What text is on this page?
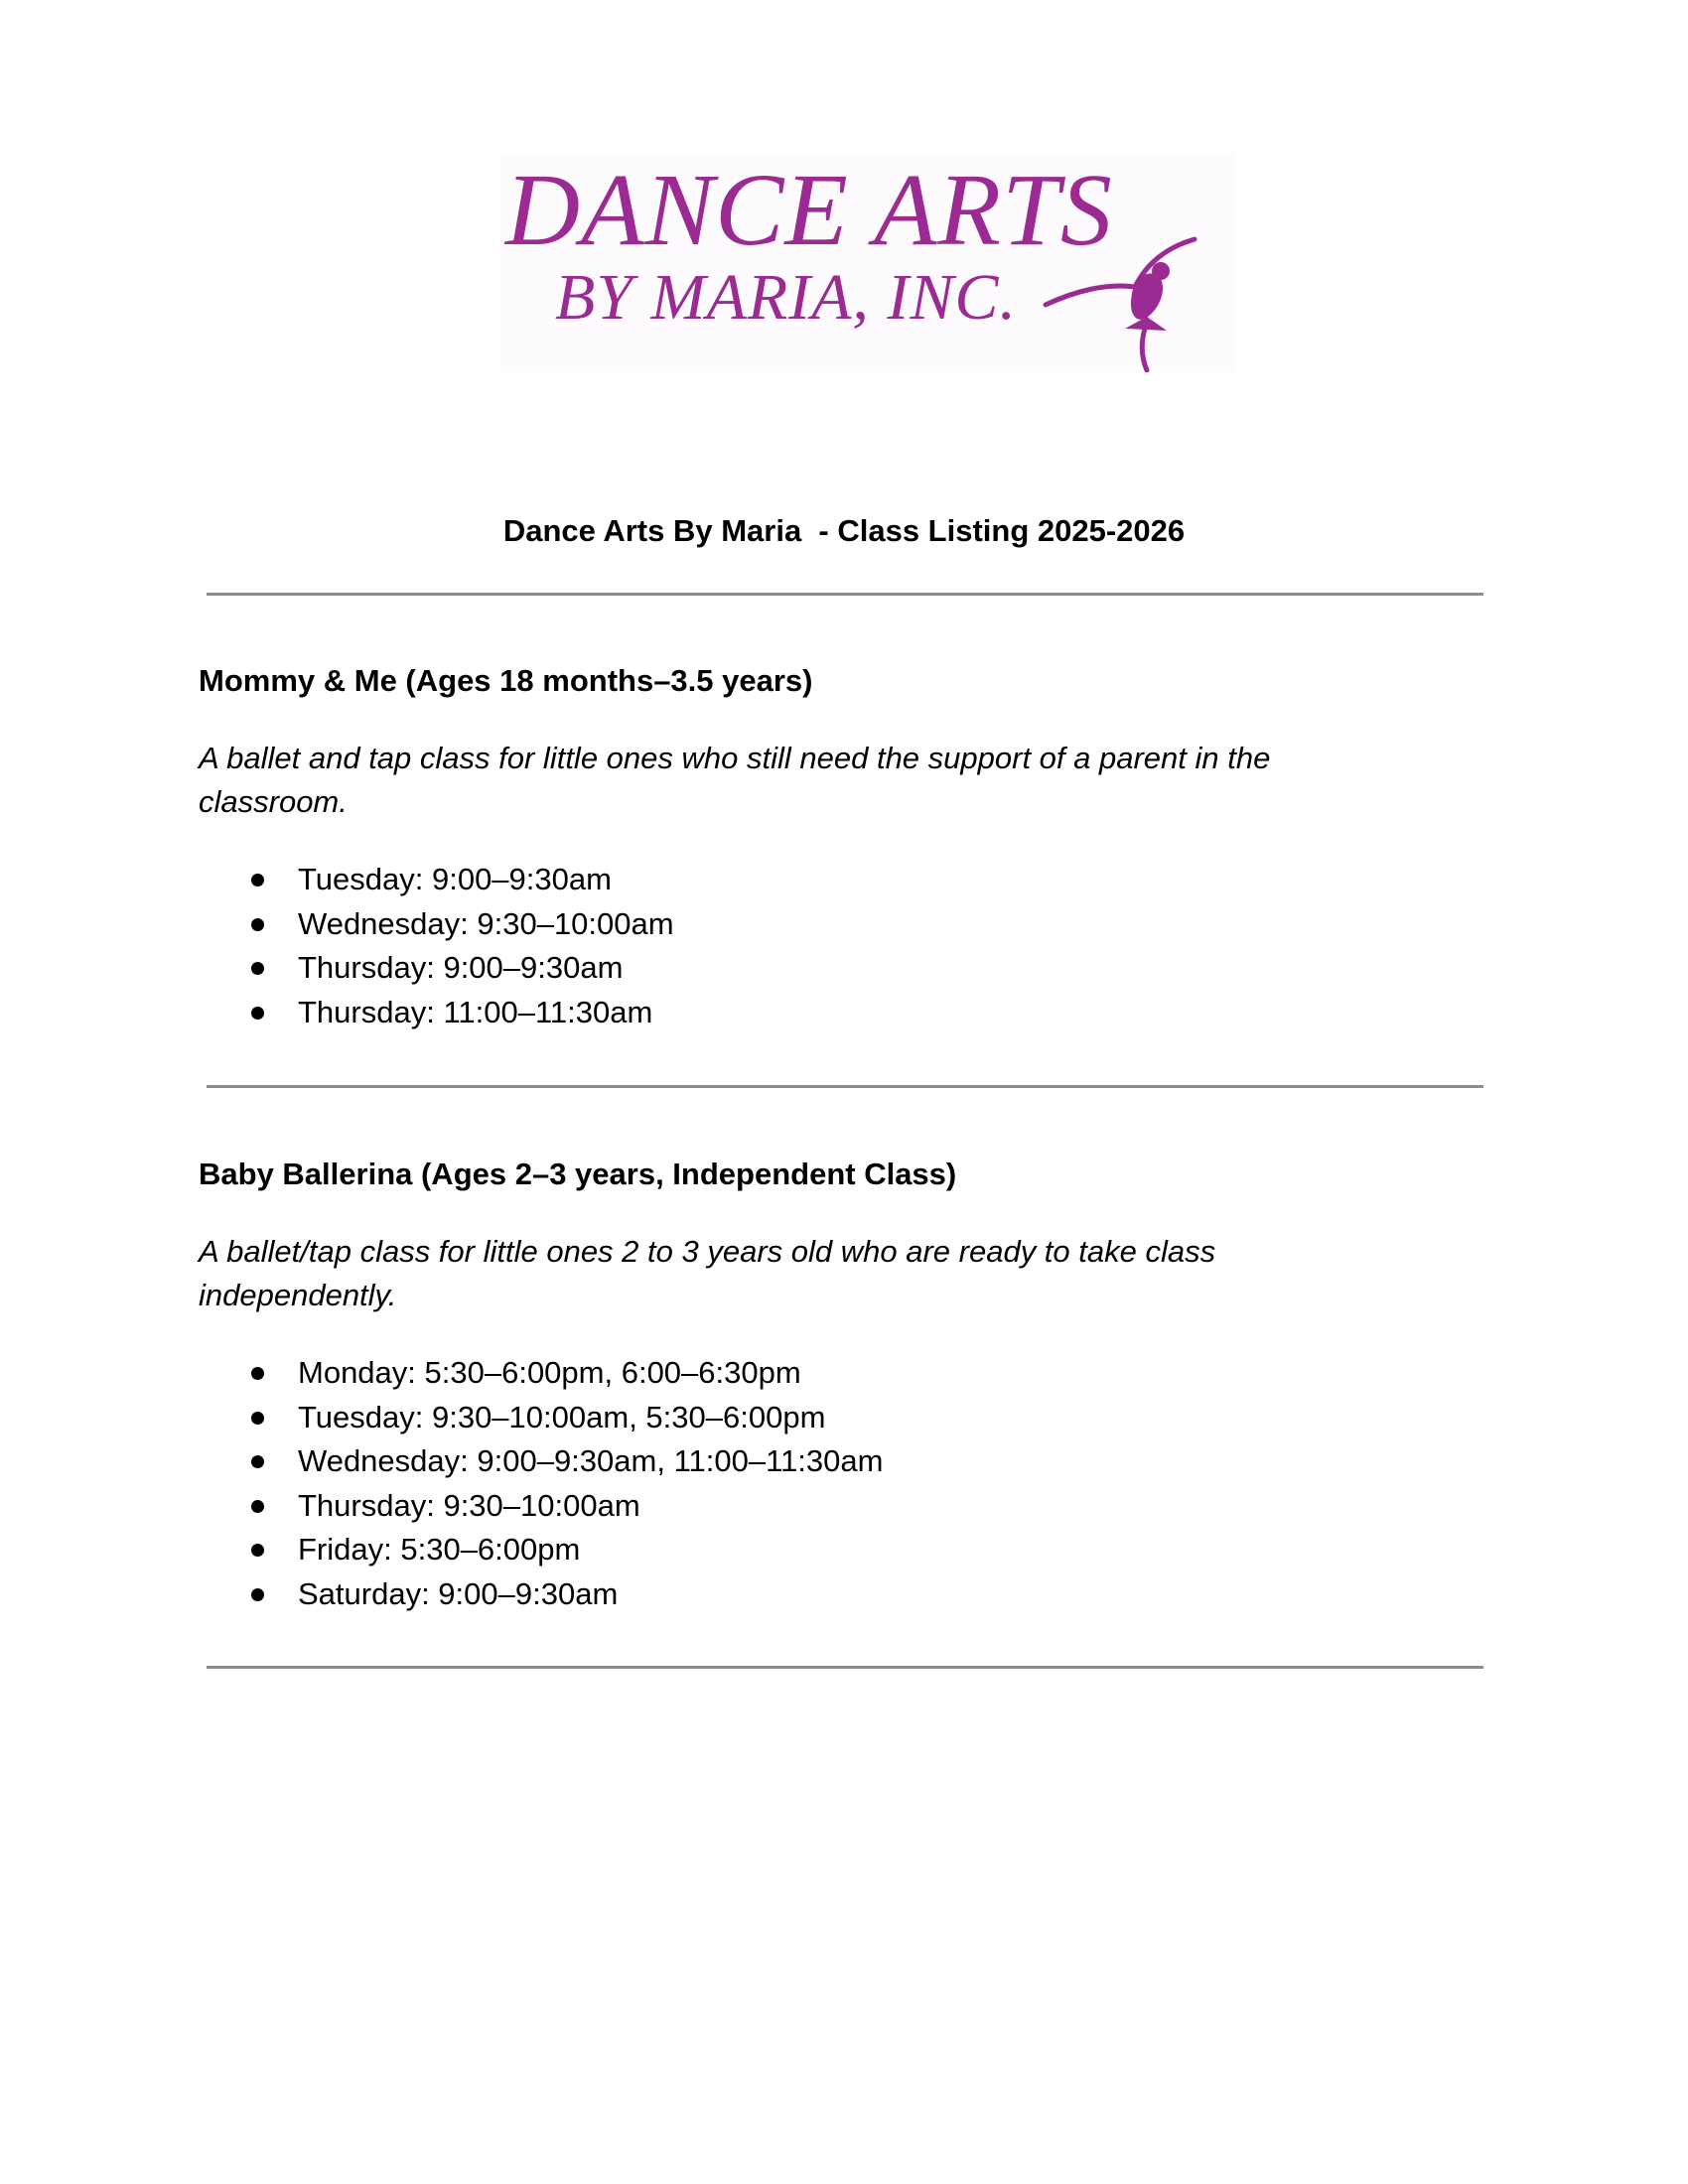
DANCE ARTS
BY MARIA, INC.
Dance Arts By Maria  - Class Listing 2025-2026
Mommy & Me (Ages 18 months–3.5 years)

A ballet and tap class for little ones who still need the support of a parent in the classroom.

Tuesday: 9:00–9:30am
Wednesday: 9:30–10:00am
Thursday: 9:00–9:30am
Thursday: 11:00–11:30am
Baby Ballerina (Ages 2–3 years, Independent Class)

A ballet/tap class for little ones 2 to 3 years old who are ready to take class independently.

Monday: 5:30–6:00pm, 6:00–6:30pm
Tuesday: 9:30–10:00am, 5:30–6:00pm
Wednesday: 9:00–9:30am, 11:00–11:30am
Thursday: 9:30–10:00am
Friday: 5:30–6:00pm
Saturday: 9:00–9:30am
